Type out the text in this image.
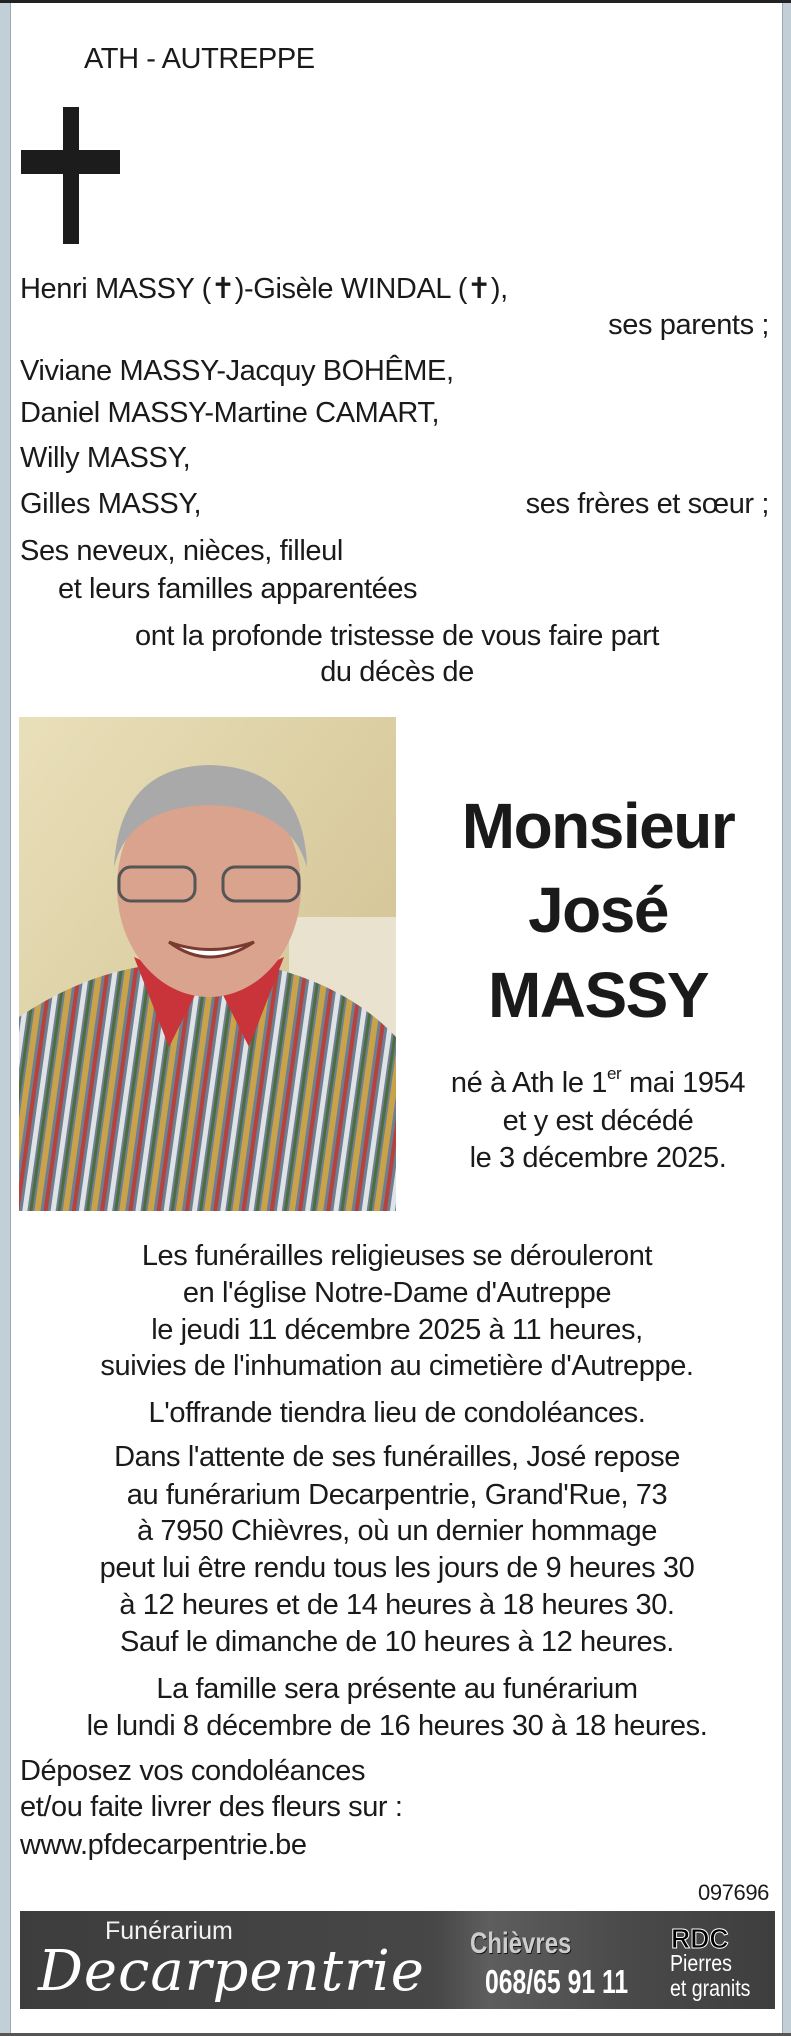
ATH - AUTREPPE
Henri MASSY (✝)-Gisèle WINDAL (✝),
ses parents ;
Viviane MASSY-Jacquy BOHÊME,
Daniel MASSY-Martine CAMART,
Willy MASSY,
Gilles MASSY,	ses frères et sœur ;
Ses neveux, nièces, filleul
et leurs familles apparentées
ont la profonde tristesse de vous faire part
du décès de
Monsieur
José
MASSY
né à Ath le 1er mai 1954
et y est décédé
le 3 décembre 2025.
Les funérailles religieuses se dérouleront
en l'église Notre-Dame d'Autreppe
le jeudi 11 décembre 2025 à 11 heures,
suivies de l'inhumation au cimetière d'Autreppe.
L'offrande tiendra lieu de condoléances.
Dans l'attente de ses funérailles, José repose
au funérarium Decarpentrie, Grand'Rue, 73
à 7950 Chièvres, où un dernier hommage
peut lui être rendu tous les jours de 9 heures 30
à 12 heures et de 14 heures à 18 heures 30.
Sauf le dimanche de 10 heures à 12 heures.
La famille sera présente au funérarium
le lundi 8 décembre de 16 heures 30 à 18 heures.
Déposez vos condoléances
et/ou faite livrer des fleurs sur :
www.pfdecarpentrie.be
097696
Funérarium
Decarpentrie Chièvres
068/65 91 11
RDC
Pierres
et granits
